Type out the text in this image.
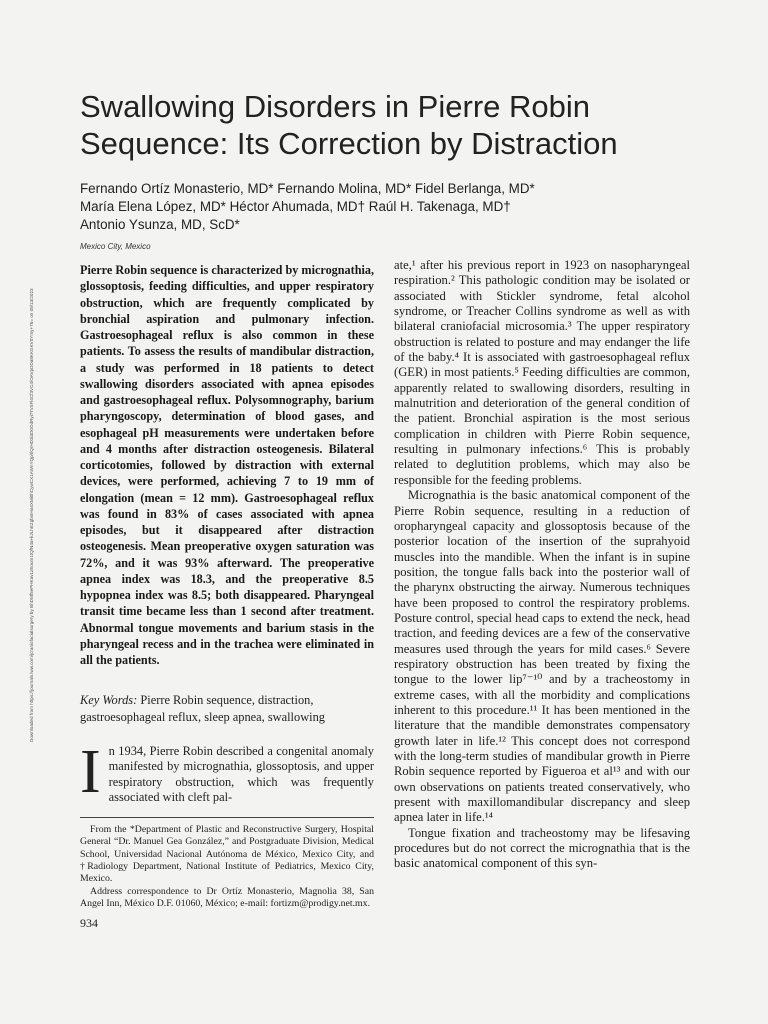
Swallowing Disorders in Pierre Robin Sequence: Its Correction by Distraction
Fernando Ortíz Monasterio, MD* Fernando Molina, MD* Fidel Berlanga, MD*
María Elena López, MD* Héctor Ahumada, MD† Raúl H. Takenaga, MD†
Antonio Ysunza, MD, ScD*
Mexico City, Mexico
Downloaded from https://journals.lww.com/jcraniofacialsurgery by BhDMf5ePHKav1zEoum1tQfN4a+kJLhEZgbsIHo4XMi0hCywCX1AWnYQp/IlQrHD3i3D0OdRyi7TvSFl4Cf3VC4/OAVpDDa8KKGKV0Ymy+78= on 09/13/2023

Pierre Robin sequence is characterized by micrognathia, glossoptosis, feeding difficulties, and upper respiratory obstruction, which are frequently complicated by bronchial aspiration and pulmonary infection. Gastroesophageal reflux is also common in these patients. To assess the results of mandibular distraction, a study was performed in 18 patients to detect swallowing disorders associated with apnea episodes and gastroesophageal reflux. Polysomnography, barium pharyngoscopy, determination of blood gases, and esophageal pH measurements were undertaken before and 4 months after distraction osteogenesis. Bilateral corticotomies, followed by distraction with external devices, were performed, achieving 7 to 19 mm of elongation (mean = 12 mm). Gastroesophageal reflux was found in 83% of cases associated with apnea episodes, but it disappeared after distraction osteogenesis. Mean preoperative oxygen saturation was 72%, and it was 93% afterward. The preoperative apnea index was 18.3, and the preoperative 8.5 hypopnea index was 8.5; both disappeared. Pharyngeal transit time became less than 1 second after treatment. Abnormal tongue movements and barium stasis in the pharyngeal recess and in the trachea were eliminated in all the patients.

Key Words: Pierre Robin sequence, distraction, gastroesophageal reflux, sleep apnea, swallowing

In 1934, Pierre Robin described a congenital anomaly manifested by micrognathia, glossoptosis, and upper respiratory obstruction, which was frequently associated with cleft pal-

From the *Department of Plastic and Reconstructive Surgery, Hospital General “Dr. Manuel Gea González,” and Postgraduate Division, Medical School, Universidad Nacional Autónoma de México, Mexico City, and †Radiology Department, National Institute of Pediatrics, Mexico City, Mexico.

Address correspondence to Dr Ortíz Monasterio, Magnolia 38, San Angel Inn, México D.F. 01060, México; e-mail: fortizm@prodigy.net.mx.

934

ate,¹ after his previous report in 1923 on nasopharyngeal respiration.² This pathologic condition may be isolated or associated with Stickler syndrome, fetal alcohol syndrome, or Treacher Collins syndrome as well as with bilateral craniofacial microsomia.³ The upper respiratory obstruction is related to posture and may endanger the life of the baby.⁴ It is associated with gastroesophageal reflux (GER) in most patients.⁵ Feeding difficulties are common, apparently related to swallowing disorders, resulting in malnutrition and deterioration of the general condition of the patient. Bronchial aspiration is the most serious complication in children with Pierre Robin sequence, resulting in pulmonary infections.⁶ This is probably related to deglutition problems, which may also be responsible for the feeding problems.

Micrognathia is the basic anatomical component of the Pierre Robin sequence, resulting in a reduction of oropharyngeal capacity and glossoptosis because of the posterior location of the insertion of the suprahyoid muscles into the mandible. When the infant is in supine position, the tongue falls back into the posterior wall of the pharynx obstructing the airway. Numerous techniques have been proposed to control the respiratory problems. Posture control, special head caps to extend the neck, head traction, and feeding devices are a few of the conservative measures used through the years for mild cases.⁶ Severe respiratory obstruction has been treated by fixing the tongue to the lower lip⁷⁻¹⁰ and by a tracheostomy in extreme cases, with all the morbidity and complications inherent to this procedure.¹¹ It has been mentioned in the literature that the mandible demonstrates compensatory growth later in life.¹² This concept does not correspond with the long-term studies of mandibular growth in Pierre Robin sequence reported by Figueroa et al¹³ and with our own observations on patients treated conservatively, who present with maxillomandibular discrepancy and sleep apnea later in life.¹⁴

Tongue fixation and tracheostomy may be lifesaving procedures but do not correct the micrognathia that is the basic anatomical component of this syn-
